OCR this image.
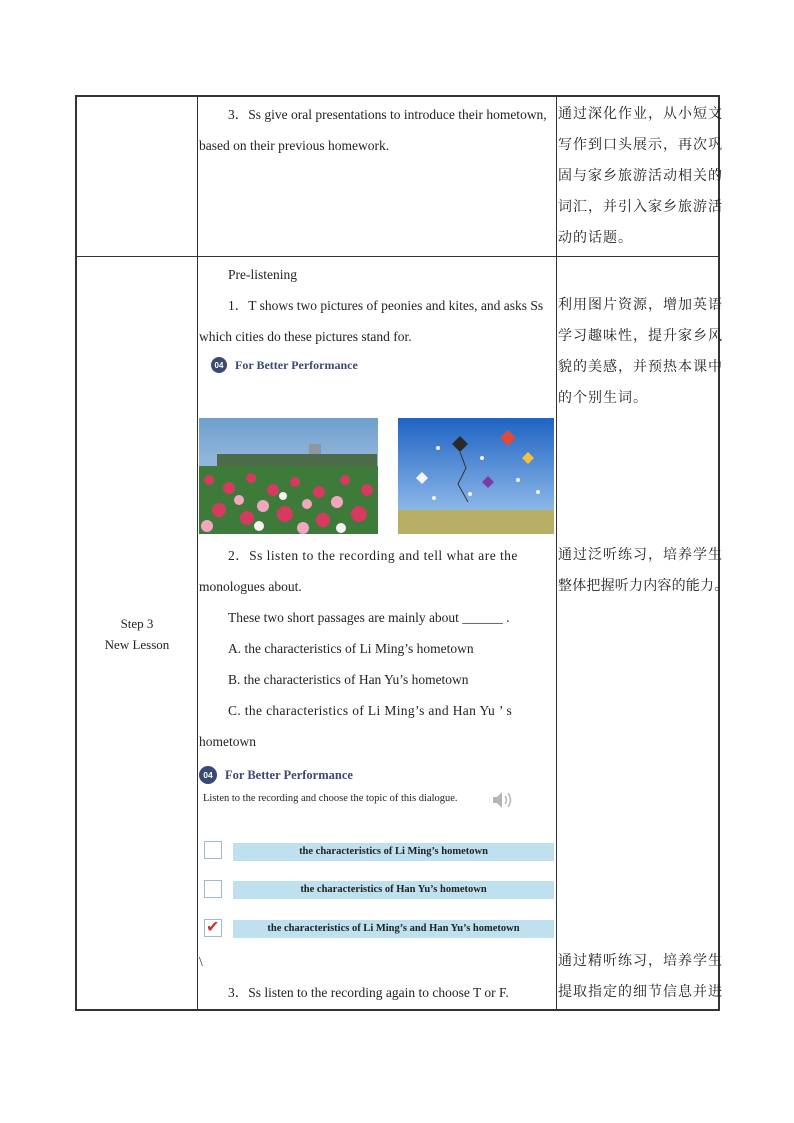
3．Ss give oral presentations to introduce their hometown,
based on their previous homework.
通过深化作业，从小短文
写作到口头展示，再次巩
固与家乡旅游活动相关的
词汇，并引入家乡旅游活
动的话题。
Step 3
New Lesson
Pre-listening
1．T shows two pictures of peonies and kites, and asks Ss
which cities do these pictures stand for.
04 For Better Performance
2．Ss listen to the recording and tell what are the
monologues about.
These two short passages are mainly about ______ .
A. the characteristics of Li Ming’s hometown
B. the characteristics of Han Yu’s hometown
C. the characteristics of Li Ming’s and Han Yu ’ s
hometown
04 For Better Performance
Listen to the recording and choose the topic of this dialogue.
the characteristics of Li Ming’s hometown
the characteristics of Han Yu’s hometown
✔	the characteristics of Li Ming’s and Han Yu’s hometown
\
3．Ss listen to the recording again to choose T or F.
利用图片资源，增加英语
学习趣味性，提升家乡风
貌的美感，并预热本课中
的个别生词。
通过泛听练习，培养学生
整体把握听力内容的能力。
通过精听练习，培养学生
提取指定的细节信息并进
